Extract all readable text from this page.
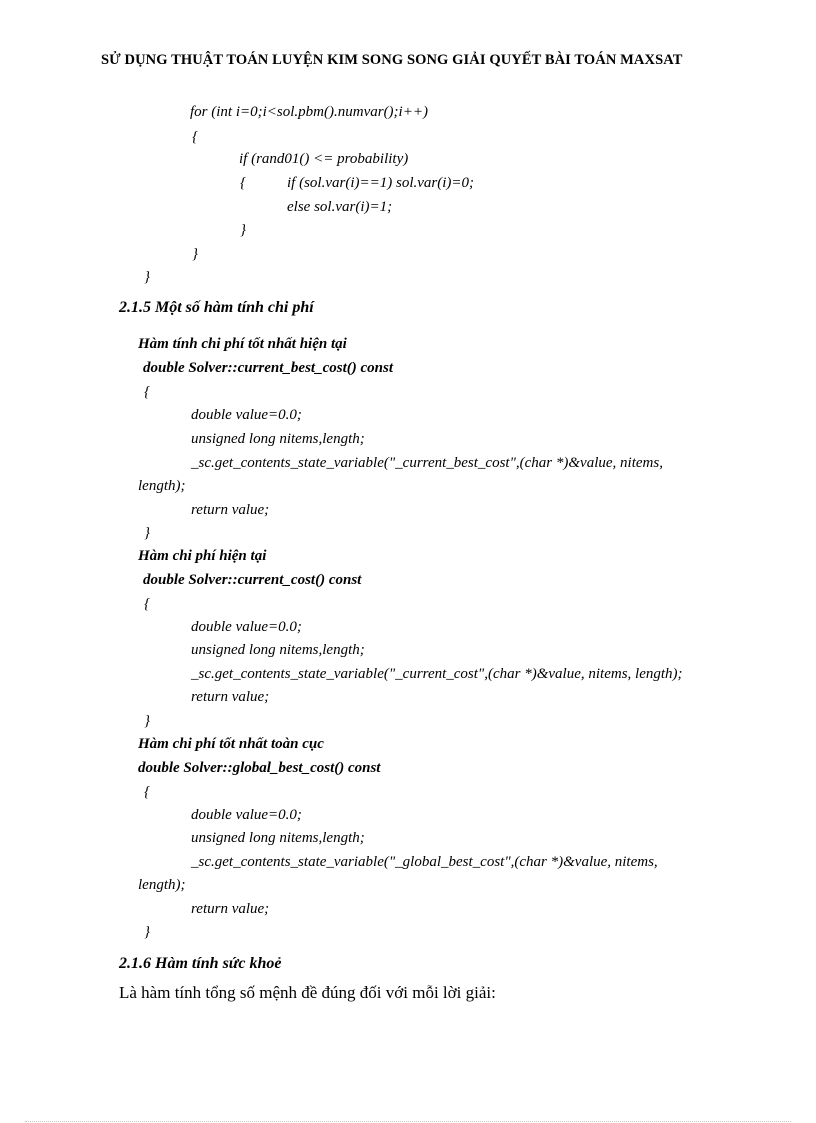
SỬ DỤNG THUẬT TOÁN LUYỆN KIM SONG SONG GIẢI QUYẾT BÀI TOÁN MAXSAT
for (int i=0;i<sol.pbm().numvar();i++)
{
if (rand01() <= probability)
{	if (sol.var(i)==1) sol.var(i)=0;
else sol.var(i)=1;
}
}
}
2.1.5 Một số hàm tính chi phí
Hàm tính chi phí tốt nhất hiện tại
double Solver::current_best_cost() const
{
double value=0.0;
unsigned long nitems,length;
_sc.get_contents_state_variable("_current_best_cost",(char *)&value, nitems,
length);
return value;
}
Hàm chi phí hiện tại
double Solver::current_cost() const
{
double value=0.0;
unsigned long nitems,length;
_sc.get_contents_state_variable("_current_cost",(char *)&value, nitems, length);
return value;
}
Hàm chi phí tốt nhất toàn cục
double Solver::global_best_cost() const
{
double value=0.0;
unsigned long nitems,length;
_sc.get_contents_state_variable("_global_best_cost",(char *)&value, nitems,
length);
return value;
}
2.1.6 Hàm tính sức khoẻ
Là hàm tính tổng số mệnh đề đúng đối với mỗi lời giải:
